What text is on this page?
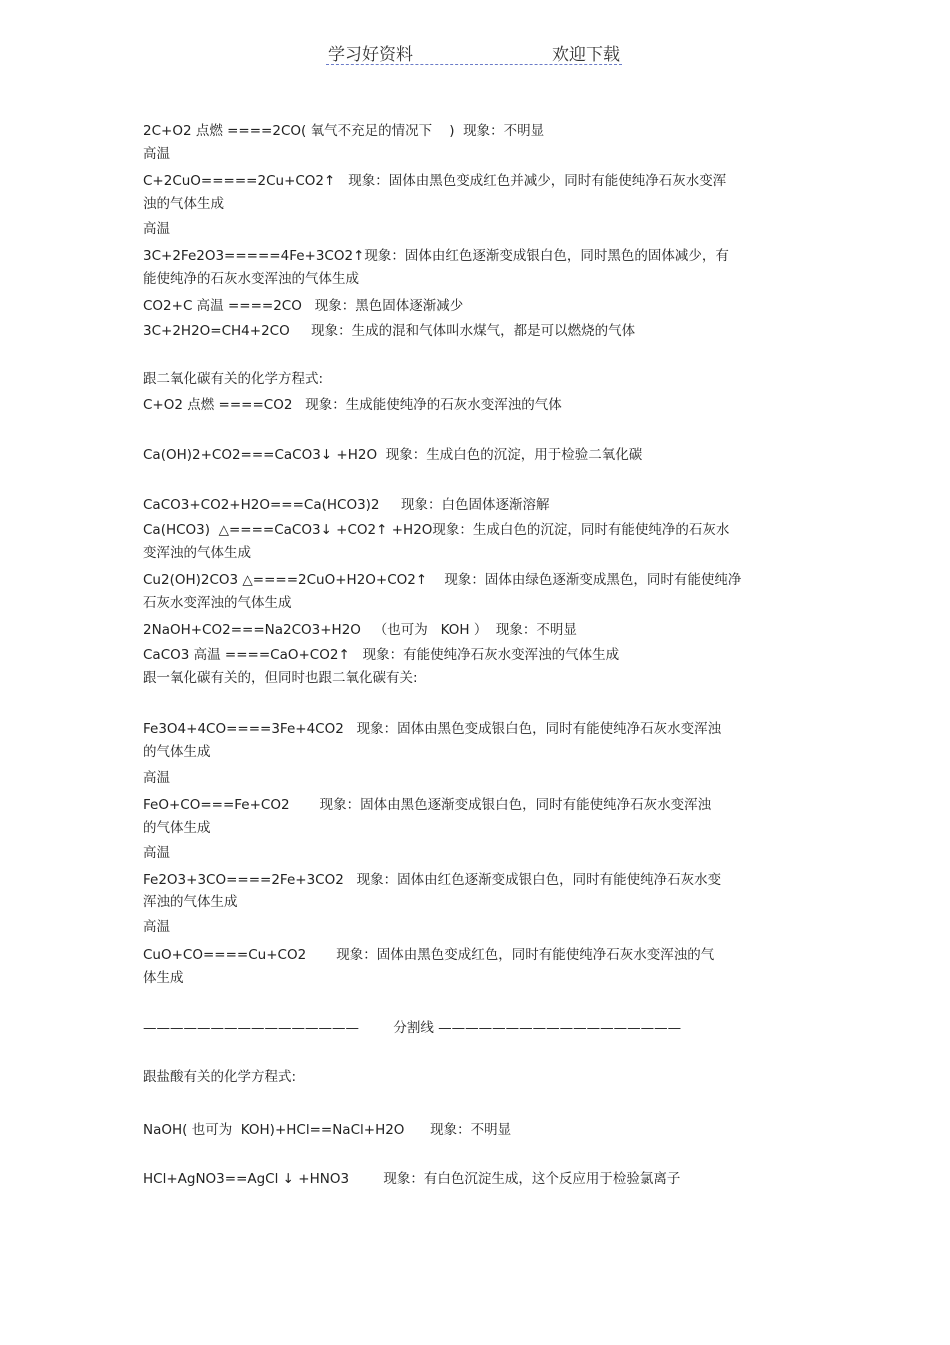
学习好资料	欢迎下载
2C+O2 点燃 ====2CO( 氧气不充足的情况下    )  现象：不明显
高温
C+2CuO=====2Cu+CO2↑   现象：固体由黑色变成红色并减少，同时有能使纯净石灰水变浑
浊的气体生成
高温
3C+2Fe2O3=====4Fe+3CO2↑现象：固体由红色逐渐变成银白色，同时黑色的固体减少，有
能使纯净的石灰水变浑浊的气体生成
CO2+C 高温 ====2CO   现象：黑色固体逐渐减少
3C+2H2O=CH4+2CO     现象：生成的混和气体叫水煤气，都是可以燃烧的气体
跟二氧化碳有关的化学方程式:
C+O2 点燃 ====CO2   现象：生成能使纯净的石灰水变浑浊的气体
Ca(OH)2+CO2===CaCO3↓ +H2O  现象：生成白色的沉淀，用于检验二氧化碳
CaCO3+CO2+H2O===Ca(HCO3)2     现象：白色固体逐渐溶解
Ca(HCO3)  △====CaCO3↓ +CO2↑ +H2O现象：生成白色的沉淀，同时有能使纯净的石灰水
变浑浊的气体生成
Cu2(OH)2CO3 △====2CuO+H2O+CO2↑    现象：固体由绿色逐渐变成黑色，同时有能使纯净
石灰水变浑浊的气体生成
2NaOH+CO2===Na2CO3+H2O   （也可为   KOH ）  现象：不明显
CaCO3 高温 ====CaO+CO2↑   现象：有能使纯净石灰水变浑浊的气体生成
跟一氧化碳有关的，但同时也跟二氧化碳有关:
Fe3O4+4CO====3Fe+4CO2   现象：固体由黑色变成银白色，同时有能使纯净石灰水变浑浊
的气体生成
高温
FeO+CO===Fe+CO2       现象：固体由黑色逐渐变成银白色，同时有能使纯净石灰水变浑浊
的气体生成
高温
Fe2O3+3CO====2Fe+3CO2   现象：固体由红色逐渐变成银白色，同时有能使纯净石灰水变
浑浊的气体生成
高温
CuO+CO====Cu+CO2       现象：固体由黑色变成红色，同时有能使纯净石灰水变浑浊的气
体生成
————————————————        分割线 ——————————————————
跟盐酸有关的化学方程式:
NaOH( 也可为  KOH)+HCl==NaCl+H2O      现象：不明显
HCl+AgNO3==AgCl ↓ +HNO3        现象：有白色沉淀生成，这个反应用于检验氯离子
